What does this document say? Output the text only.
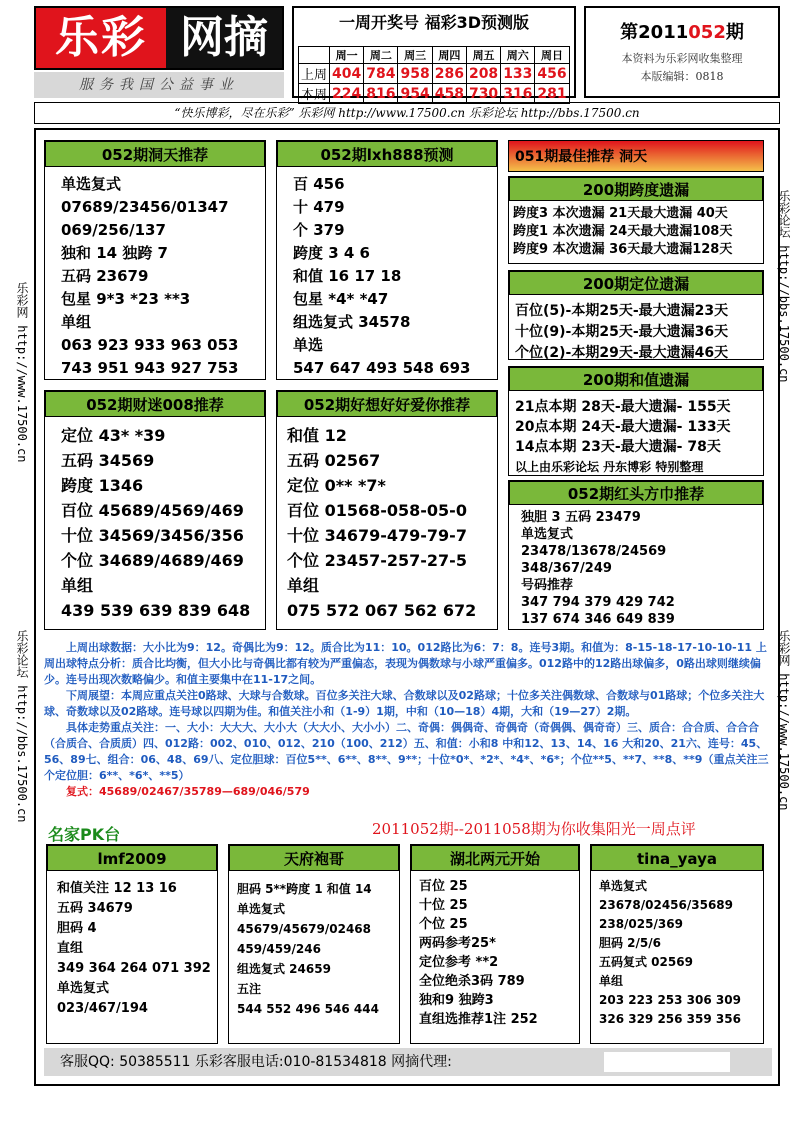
乐彩 网摘
服务我国公益事业
一周开奖号 福彩3D预测版
	周一	周二	周三	周四	周五	周六	周日
上周	404	784	958	286	208	133	456
本周	224	816	954	458	730	316	281
第2011052期
本资料为乐彩网收集整理
本版编辑：0818
“快乐博彩，尽在乐彩” 乐彩网 http://www.17500.cn 乐彩论坛 http://bbs.17500.cn
乐彩网 http://www.17500.cn
乐彩论坛 http://bbs.17500.cn
乐彩论坛 http://bbs.17500.cn
乐彩网 http://www.17500.cn
052期洞天推荐
单选复式
07689/23456/01347
069/256/137
独和 14 独跨 7
五码 23679
包星 9*3 *23 **3
单组
063 923 933 963 053
743 951 943 927 753
052期lxh888预测
百 456
十 479
个 379
跨度 3 4 6
和值 16 17 18
包星 *4* *47
组选复式 34578
单选
547 647 493 548 693
052期财迷008推荐
定位 43* *39
五码 34569
跨度 1346
百位 45689/4569/469
十位 34569/3456/356
个位 34689/4689/469
单组
439 539 639 839 648
052期好想好好爱你推荐
和值 12
五码 02567
定位 0** *7*
百位 01568-058-05-0
十位 34679-479-79-7
个位 23457-257-27-5
单组
075 572 067 562 672
051期最佳推荐 洞天
200期跨度遗漏
跨度3 本次遗漏 21天最大遗漏 40天
跨度1 本次遗漏 24天最大遗漏108天
跨度9 本次遗漏 36天最大遗漏128天
200期定位遗漏
百位(5)-本期25天-最大遗漏23天
十位(9)-本期25天-最大遗漏36天
个位(2)-本期29天-最大遗漏46天
200期和值遗漏
21点本期 28天-最大遗漏- 155天
20点本期 24天-最大遗漏- 133天
14点本期 23天-最大遗漏- 78天
以上由乐彩论坛 丹东博彩 特别整理
052期红头方巾推荐
独胆 3 五码 23479
单选复式
23478/13678/24569
348/367/249
号码推荐
347 794 379 429 742
137 674 346 649 839

上周出球数据：大小比为9：12。奇偶比为9：12。质合比为11：10。012路比为6：7：8。连号3期。和值为：8-15-18-17-10-10-11 上周出球特点分析：质合比均衡，但大小比与奇偶比都有较为严重偏态，表现为偶数球与小球严重偏多。012路中的12路出球偏多，0路出球则继续偏少。连号出现次数略偏少。和值主要集中在11-17之间。

下周展望：本周应重点关注0路球、大球与合数球。百位多关注大球、合数球以及02路球；十位多关注偶数球、合数球与01路球；个位多关注大球、奇数球以及02路球。连号球以四期为佳。和值关注小和（1-9）1期，中和（10—18）4期，大和（19—27）2期。

具体走势重点关注：一、大小：大大大、大小大（大大小、大小小）二、奇偶：偶偶奇、奇偶奇（奇偶偶、偶奇奇）三、质合：合合质、合合合（合质合、合质质）四、012路：002、010、012、210（100、212）五、和值：小和8 中和12、13、14、16 大和20、21六、连号：45、56、89七、组合：06、48、69八、定位胆球：百位5**、6**、8**、9**；十位*0*、*2*、*4*、*6*；个位**5、**7、**8、**9（重点关注三个定位胆：6**、*6*、**5）

复式：45689/02467/35789—689/046/579

名家PK台	2011052期--2011058期为你收集阳光一周点评
lmf2009
和值关注 12 13 16
五码 34679
胆码 4
直组
349 364 264 071 392
单选复式
023/467/194
天府袍哥
胆码 5**跨度 1 和值 14
单选复式
45679/45679/02468
459/459/246
组选复式 24659
五注
544 552 496 546 444
湖北两元开始
百位 25
十位 25
个位 25
两码参考25*
定位参考 **2
全位绝杀3码 789
独和9 独跨3
直组选推荐1注 252
tina_yaya
单选复式
23678/02456/35689
238/025/369
胆码 2/5/6
五码复式 02569
单组
203 223 253 306 309
326 329 256 359 356
客服QQ: 50385511 乐彩客服电话:010-81534818 网摘代理:
